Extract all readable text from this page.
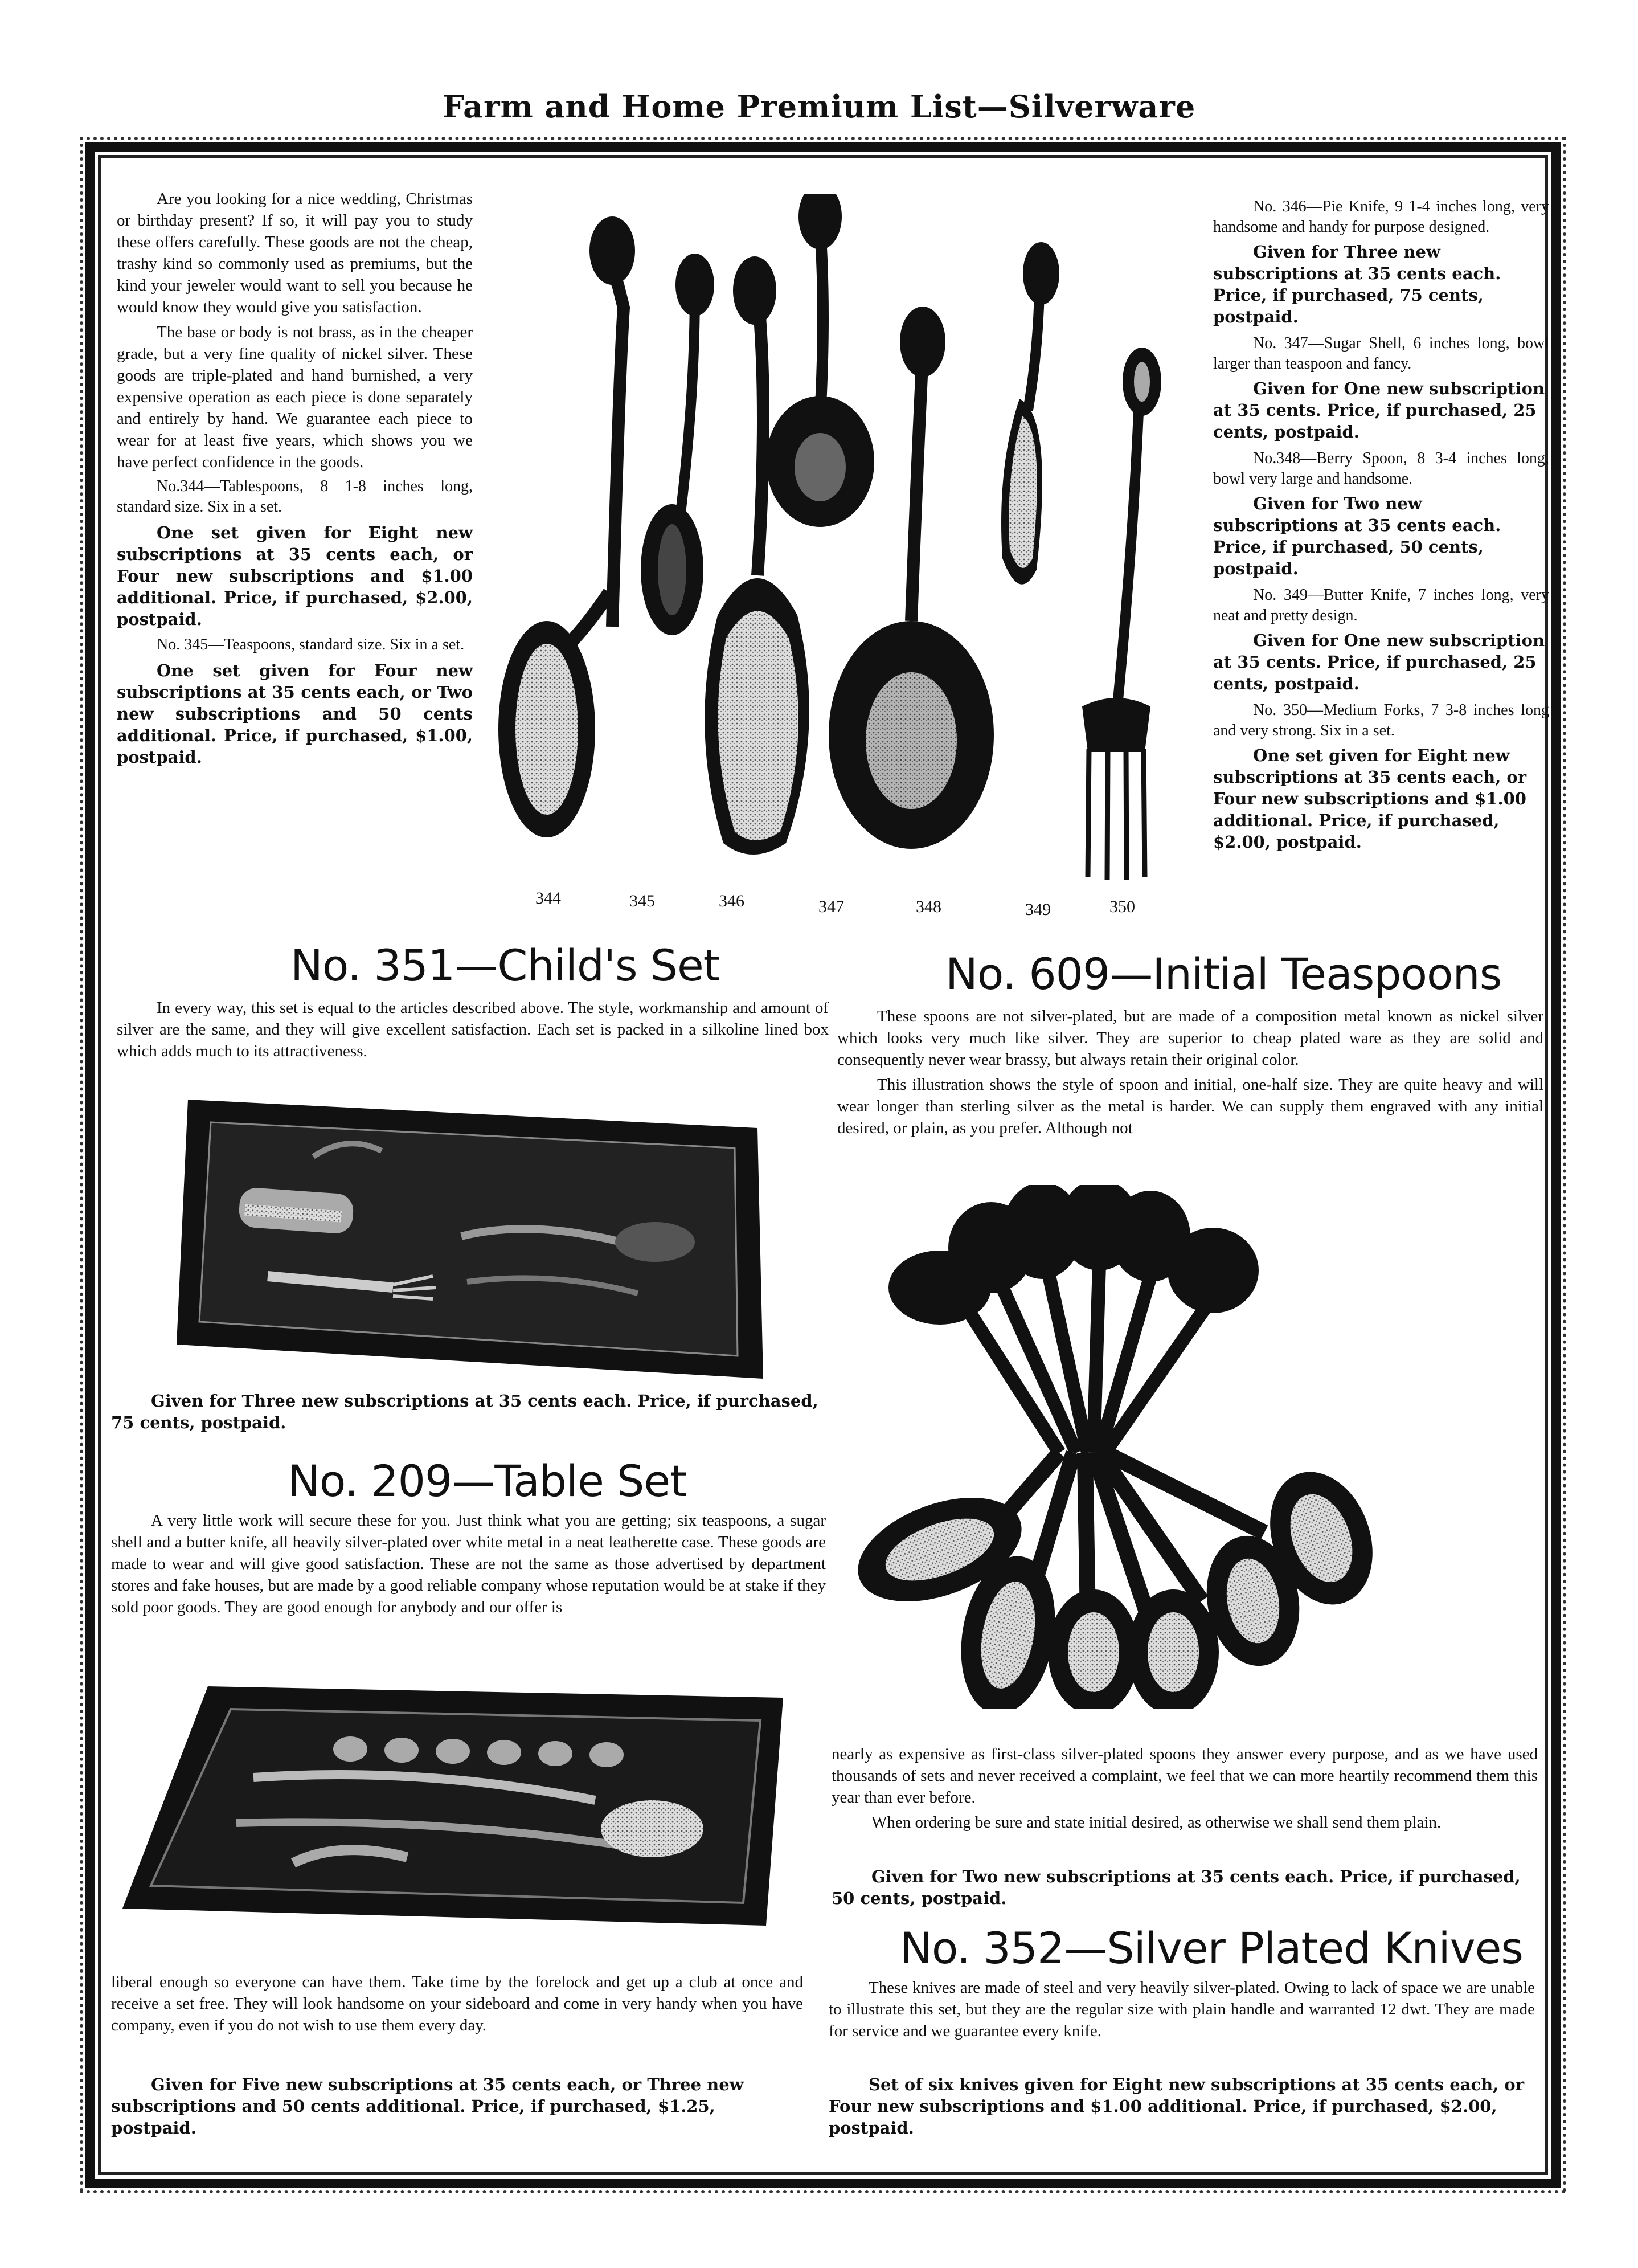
Farm and Home Premium List—Silverware

Are you looking for a nice wedding, Christmas or birthday present? If so, it will pay you to study these offers carefully. These goods are not the cheap, trashy kind so commonly used as premiums, but the kind your jeweler would want to sell you because he would know they would give you satisfaction.

The base or body is not brass, as in the cheaper grade, but a very fine quality of nickel silver. These goods are triple-plated and hand burnished, a very expensive operation as each piece is done separately and entirely by hand. We guarantee each piece to wear for at least five years, which shows you we have perfect confidence in the goods.

No.344—Tablespoons, 8 1-8 inches long, standard size. Six in a set.
One set given for Eight new subscriptions at 35 cents each, or Four new subscriptions and $1.00 additional. Price, if purchased, $2.00, postpaid.
No. 345—Teaspoons, standard size. Six in a set.
One set given for Four new subscriptions at 35 cents each, or Two new subscriptions and 50 cents additional. Price, if purchased, $1.00, postpaid.
344	345	346	347	348	349	350
No. 346—Pie Knife, 9 1-4 inches long, very handsome and handy for purpose designed.
Given for Three new subscriptions at 35 cents each. Price, if purchased, 75 cents, postpaid.
No. 347—Sugar Shell, 6 inches long, bowl larger than teaspoon and fancy.
Given for One new subscription at 35 cents. Price, if purchased, 25 cents, postpaid.
No.348—Berry Spoon, 8 3-4 inches long, bowl very large and handsome.
Given for Two new subscriptions at 35 cents each. Price, if purchased, 50 cents, postpaid.
No. 349—Butter Knife, 7 inches long, very neat and pretty design.
Given for One new subscription at 35 cents. Price, if purchased, 25 cents, postpaid.
No. 350—Medium Forks, 7 3-8 inches long and very strong. Six in a set.
One set given for Eight new subscriptions at 35 cents each, or Four new subscriptions and $1.00 additional. Price, if purchased, $2.00, postpaid.
No. 351—Child's Set

In every way, this set is equal to the articles described above. The style, workmanship and amount of silver are the same, and they will give excellent satisfaction. Each set is packed in a silkoline lined box which adds much to its attractiveness.

Given for Three new subscriptions at 35 cents each. Price, if purchased, 75 cents, postpaid.
No. 209—Table Set

A very little work will secure these for you. Just think what you are getting; six teaspoons, a sugar shell and a butter knife, all heavily silver-plated over white metal in a neat leatherette case. These goods are made to wear and will give good satisfaction. These are not the same as those advertised by department stores and fake houses, but are made by a good reliable company whose reputation would be at stake if they sold poor goods. They are good enough for anybody and our offer is

liberal enough so everyone can have them. Take time by the forelock and get up a club at once and receive a set free. They will look handsome on your sideboard and come in very handy when you have company, even if you do not wish to use them every day.

Given for Five new subscriptions at 35 cents each, or Three new subscriptions and 50 cents additional. Price, if purchased, $1.25, postpaid.
No. 609—Initial Teaspoons

These spoons are not silver-plated, but are made of a composition metal known as nickel silver which looks very much like silver. They are superior to cheap plated ware as they are solid and consequently never wear brassy, but always retain their original color.

This illustration shows the style of spoon and initial, one-half size. They are quite heavy and will wear longer than sterling silver as the metal is harder. We can supply them engraved with any initial desired, or plain, as you prefer. Although not

nearly as expensive as first-class silver-plated spoons they answer every purpose, and as we have used thousands of sets and never received a complaint, we feel that we can more heartily recommend them this year than ever before.

When ordering be sure and state initial desired, as otherwise we shall send them plain.

Given for Two new subscriptions at 35 cents each. Price, if purchased, 50 cents, postpaid.
No. 352—Silver Plated Knives

These knives are made of steel and very heavily silver-plated. Owing to lack of space we are unable to illustrate this set, but they are the regular size with plain handle and warranted 12 dwt. They are made for service and we guarantee every knife.

Set of six knives given for Eight new subscriptions at 35 cents each, or Four new subscriptions and $1.00 additional. Price, if purchased, $2.00, postpaid.
